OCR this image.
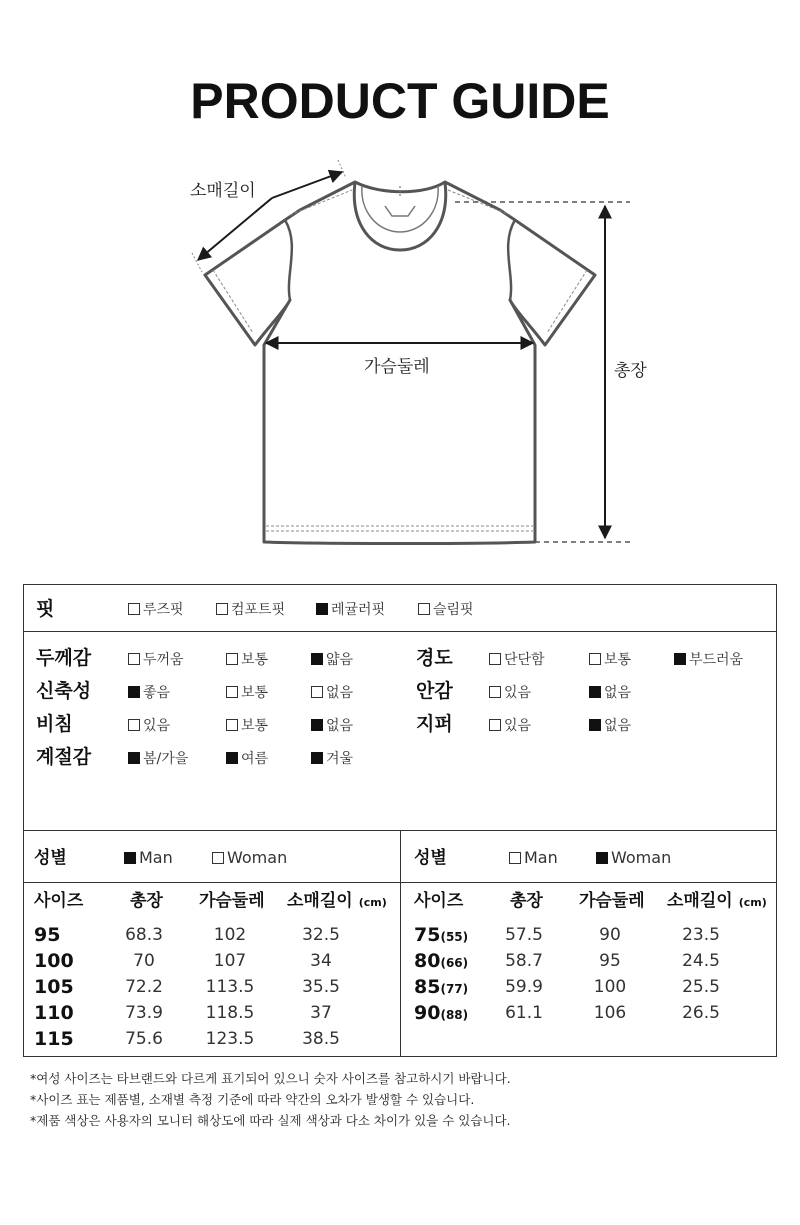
PRODUCT GUIDE
소매길이
가슴둘레	총장
핏	루즈핏	컴포트핏	레귤러핏	슬림핏
두께감	두꺼움	보통	얇음
신축성	좋음	보통	없음
비침	있음	보통	없음
계절감	봄/가을	여름	겨울
경도	단단함	보통	부드러움
안감	있음	없음
지퍼	있음	없음
성별	Man	Woman
사이즈	총장 가슴둘레 소매길이 (cm)
95	68.3	102	32.5
100	70	107	34
105	72.2	113.5	35.5
110	73.9	118.5	37
115	75.6	123.5	38.5
성별	Man	Woman
사이즈	총장 가슴둘레 소매길이 (cm)
75(55)	57.5	90	23.5
80(66)	58.7	95	24.5
85(77)	59.9	100	25.5
90(88)	61.1	106	26.5
*여성 사이즈는 타브랜드와 다르게 표기되어 있으니 숫자 사이즈를 참고하시기 바랍니다.
*사이즈 표는 제품별, 소재별 측정 기준에 따라 약간의 오차가 발생할 수 있습니다.
*제품 색상은 사용자의 모니터 해상도에 따라 실제 색상과 다소 차이가 있을 수 있습니다.
